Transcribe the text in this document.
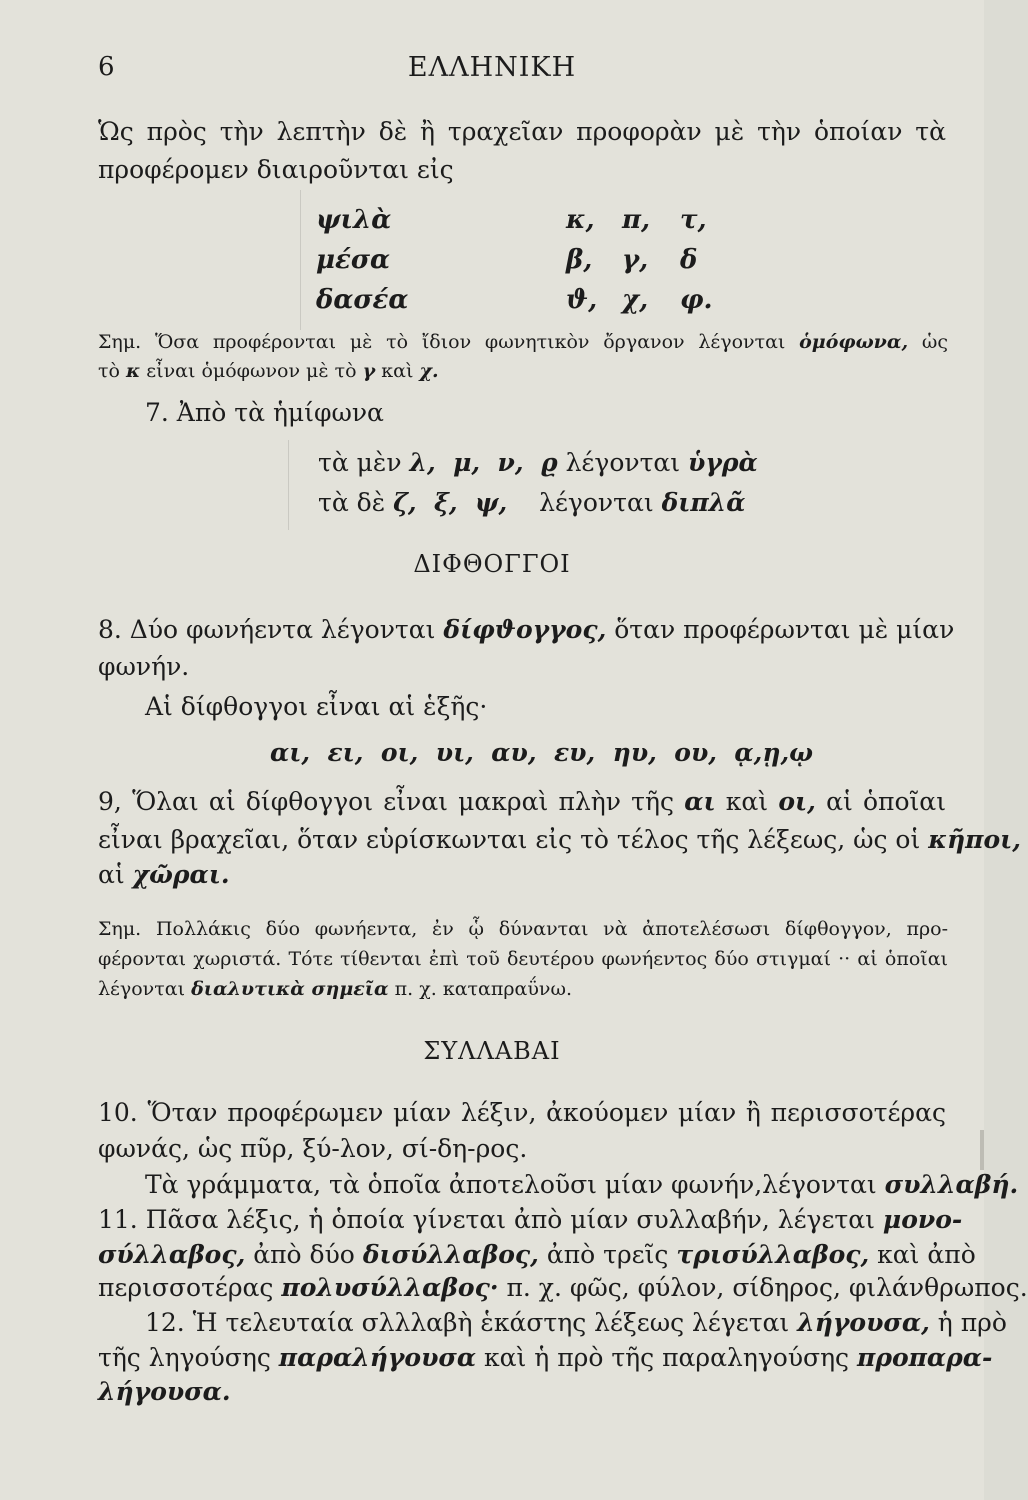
6	ΕΛΛΗΝΙΚΗ
Ὡς πρὸς τὴν λεπτὴν δὲ ἢ τραχεῖαν προφορὰν μὲ τὴν ὁποίαν τὰ
προφέρομεν διαιροῦνται εἰς
ψιλὰ	κ, π, τ,
μέσα	β, γ, δ
δασέα	ϑ, χ, φ.
Σημ. Ὅσα προφέρονται μὲ τὸ ἴδιον φωνητικὸν ὄργανον λέγονται ὁμόφωνα, ὡς
τὸ κ εἶναι ὁμόφωνον μὲ τὸ γ καὶ χ.
7. Ἀπὸ τὰ ἡμίφωνα
τὰ μὲν λ,  μ,  ν,  ϱ λέγονται ὑγρὰ
τὰ δὲ ζ,  ξ,  ψ, λέγονται διπλᾶ
ΔΙΦΘΟΓΓΟΙ
8. Δύο φωνήεντα λέγονται δίφϑογγος, ὅταν προφέρωνται μὲ μίαν
φωνήν.
Αἱ δίφθογγοι εἶναι αἱ ἑξῆς·
αι,  ει,  οι,  υι,  αυ,  ευ,  ηυ,  ου,  ᾳ,ῃ,ῳ
9, Ὅλαι αἱ δίφθογγοι εἶναι μακραὶ πλὴν τῆς αι καὶ οι, αἱ ὁποῖαι
εἶναι βραχεῖαι, ὅταν εὑρίσκωνται εἰς τὸ τέλος τῆς λέξεως, ὡς οἱ κῆποι,
αἱ χῶραι.
Σημ. Πολλάκις δύο φωνήεντα, ἐν ᾧ δύνανται νὰ ἀποτελέσωσι δίφθογγον, προ-
φέρονται χωριστά. Τότε τίθενται ἐπὶ τοῦ δευτέρου φωνήεντος δύο στιγμαί ·· αἱ ὁποῖαι
λέγονται διαλυτικὰ σημεῖα π. χ. καταπραΰνω.
ΣΥΛΛΑΒΑΙ
10. Ὅταν προφέρωμεν μίαν λέξιν, ἀκούομεν μίαν ἢ περισσοτέρας
φωνάς, ὡς πῦρ, ξύ-λον, σί-δη-ρος.
Τὰ γράμματα, τὰ ὁποῖα ἀποτελοῦσι μίαν φωνήν,λέγονται συλλαβή.
11. Πᾶσα λέξις, ἡ ὁποία γίνεται ἀπὸ μίαν συλλαβήν, λέγεται μονο-
σύλλαβος, ἀπὸ δύο δισύλλαβος, ἀπὸ τρεῖς τρισύλλαβος, καὶ ἀπὸ
περισσοτέρας πολυσύλλαβος· π. χ. φῶς, φύλον, σίδηρος, φιλάνθρωπος.
12. Ἡ τελευταία σλλλαβὴ ἑκάστης λέξεως λέγεται λήγουσα, ἡ πρὸ
τῆς ληγούσης παραλήγουσα καὶ ἡ πρὸ τῆς παραληγούσης προπαρα-
λήγουσα.
